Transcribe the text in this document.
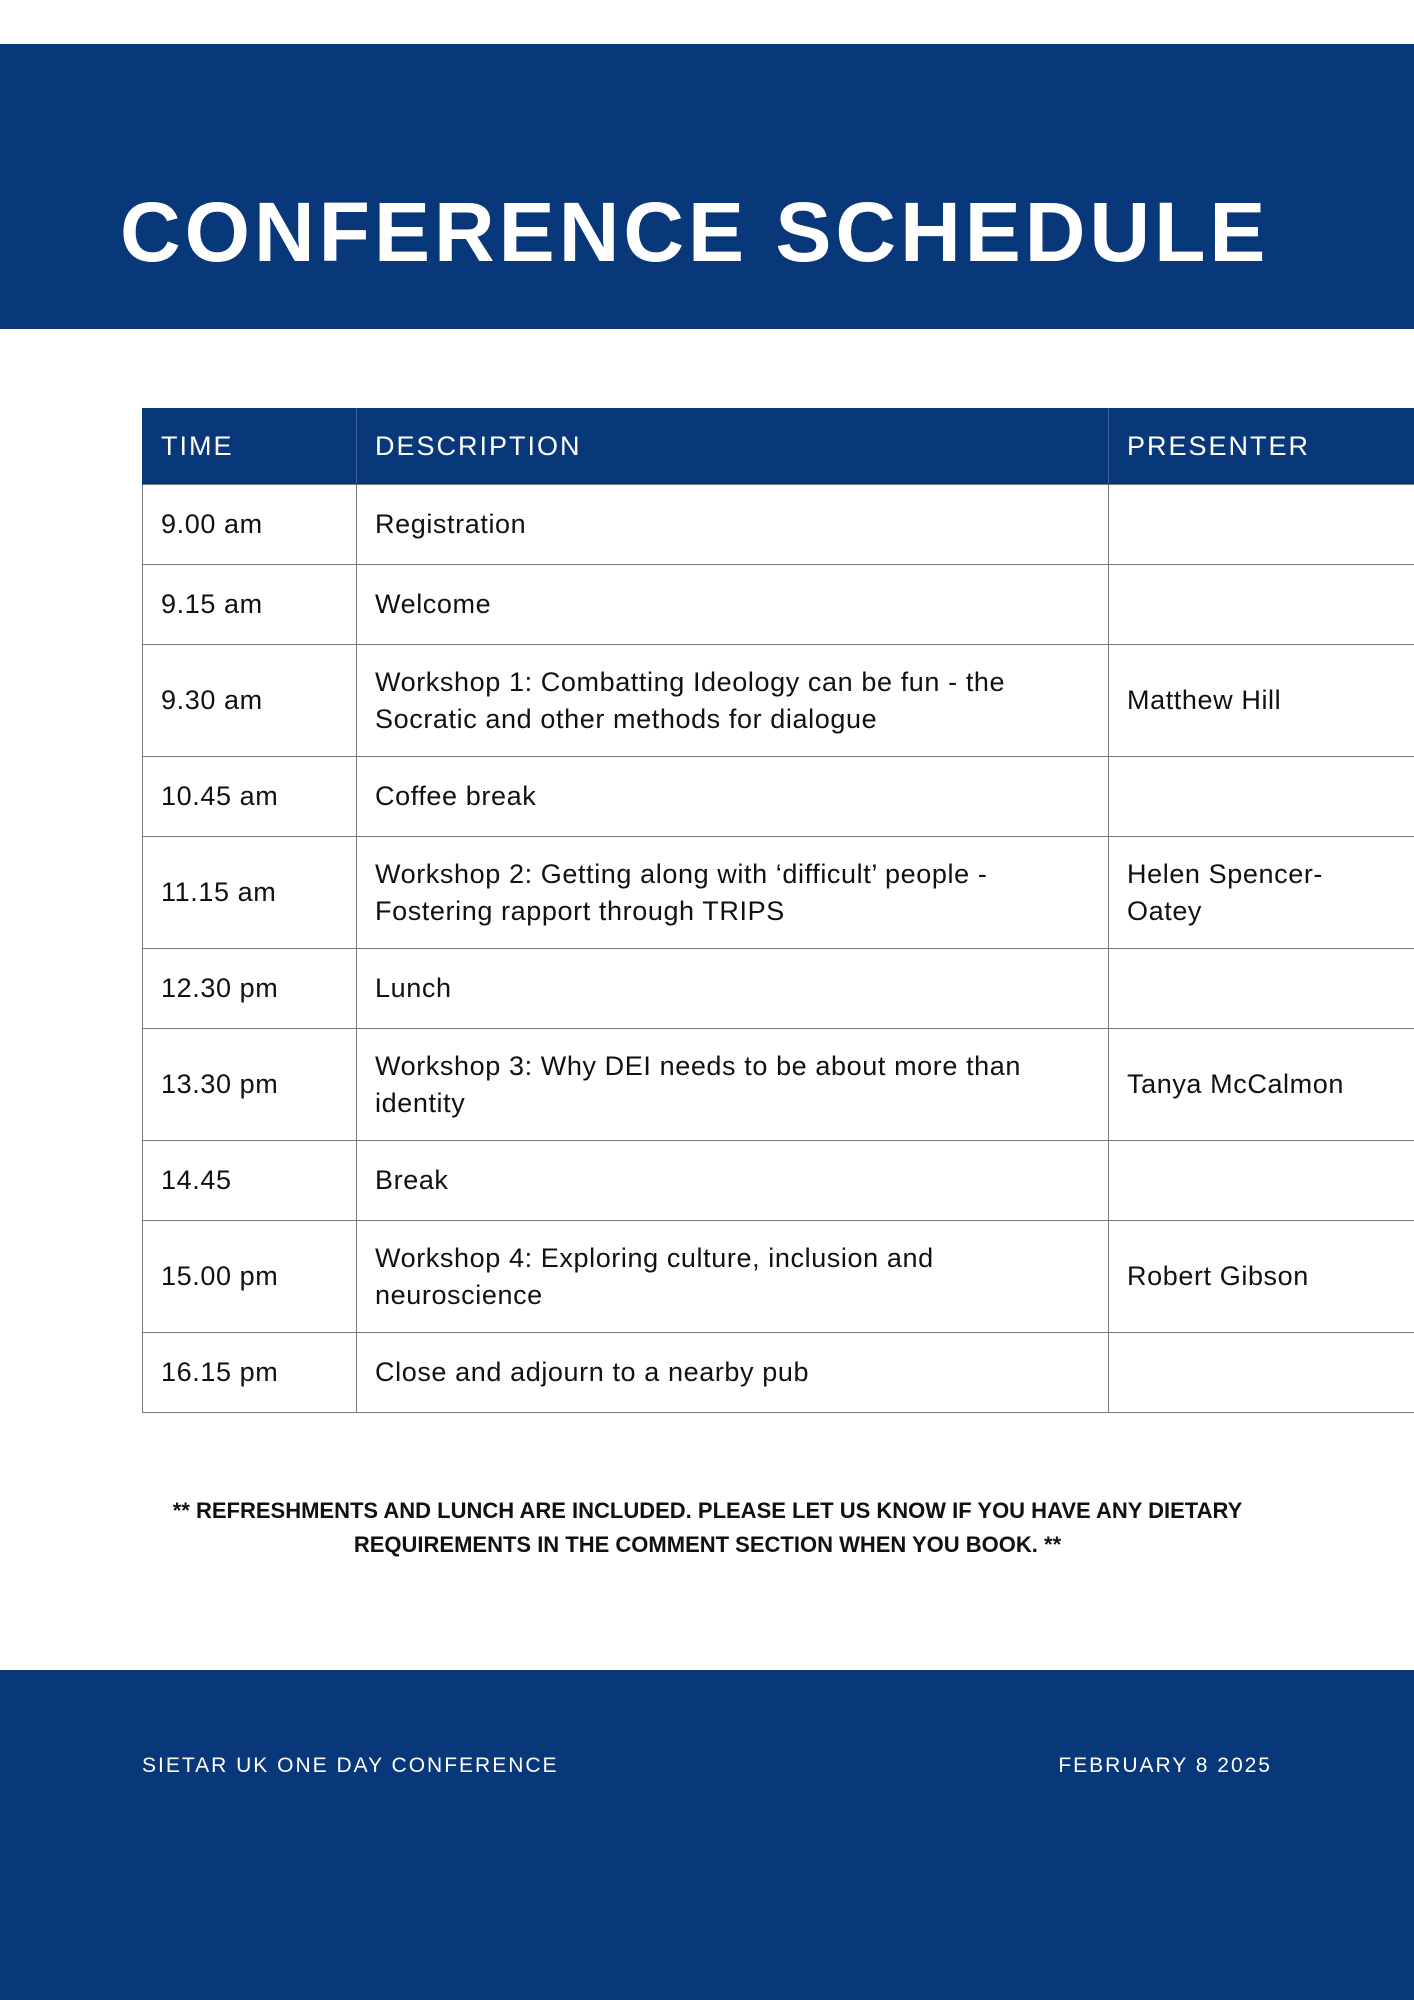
CONFERENCE SCHEDULE
TIME	DESCRIPTION	PRESENTER
9.00 am	Registration	
9.15 am	Welcome	
9.30 am	Workshop 1: Combatting Ideology can be fun - the Socratic and other methods for dialogue	Matthew Hill
10.45 am	Coffee break	
11.15 am	Workshop 2: Getting along with ‘difficult’ people - Fostering rapport through TRIPS	Helen Spencer-Oatey
12.30 pm	Lunch	
13.30 pm	Workshop 3: Why DEI needs to be about more than identity	Tanya McCalmon
14.45	Break	
15.00 pm	Workshop 4: Exploring culture, inclusion and neuroscience	Robert Gibson
16.15 pm	Close and adjourn to a nearby pub	

** REFRESHMENTS AND LUNCH ARE INCLUDED. PLEASE LET US KNOW IF YOU HAVE ANY DIETARY REQUIREMENTS IN THE COMMENT SECTION WHEN YOU BOOK. **

SIETAR UK ONE DAY CONFERENCE	FEBRUARY 8 2025
